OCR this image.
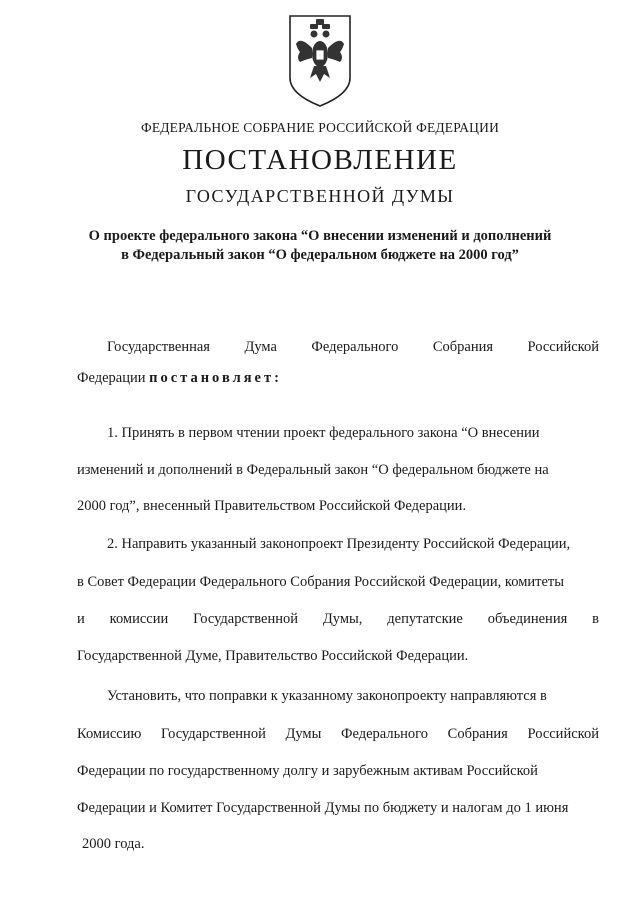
ФЕДЕРАЛЬНОЕ СОБРАНИЕ РОССИЙСКОЙ ФЕДЕРАЦИИ
ПОСТАНОВЛЕНИЕ
ГОСУДАРСТВЕННОЙ ДУМЫ
О проекте федерального закона “О внесении изменений и дополнений
в Федеральный закон “О федеральном бюджете на 2000 год”
Государственная Дума Федерального Собрания Российской
Федерации постановляет:
1. Принять в первом чтении проект федерального закона “О внесении
изменений и дополнений в Федеральный закон “О федеральном бюджете на
2000 год”, внесенный Правительством Российской Федерации.
2. Направить указанный законопроект Президенту Российской Федерации,
в Совет Федерации Федерального Собрания Российской Федерации, комитеты
и комиссии Государственной Думы, депутатские объединения в
Государственной Думе, Правительство Российской Федерации.
Установить, что поправки к указанному законопроекту направляются в
Комиссию Государственной Думы Федерального Собрания Российской
Федерации по государственному долгу и зарубежным активам Российской
Федерации и Комитет Государственной Думы по бюджету и налогам до 1 июня
2000 года.
